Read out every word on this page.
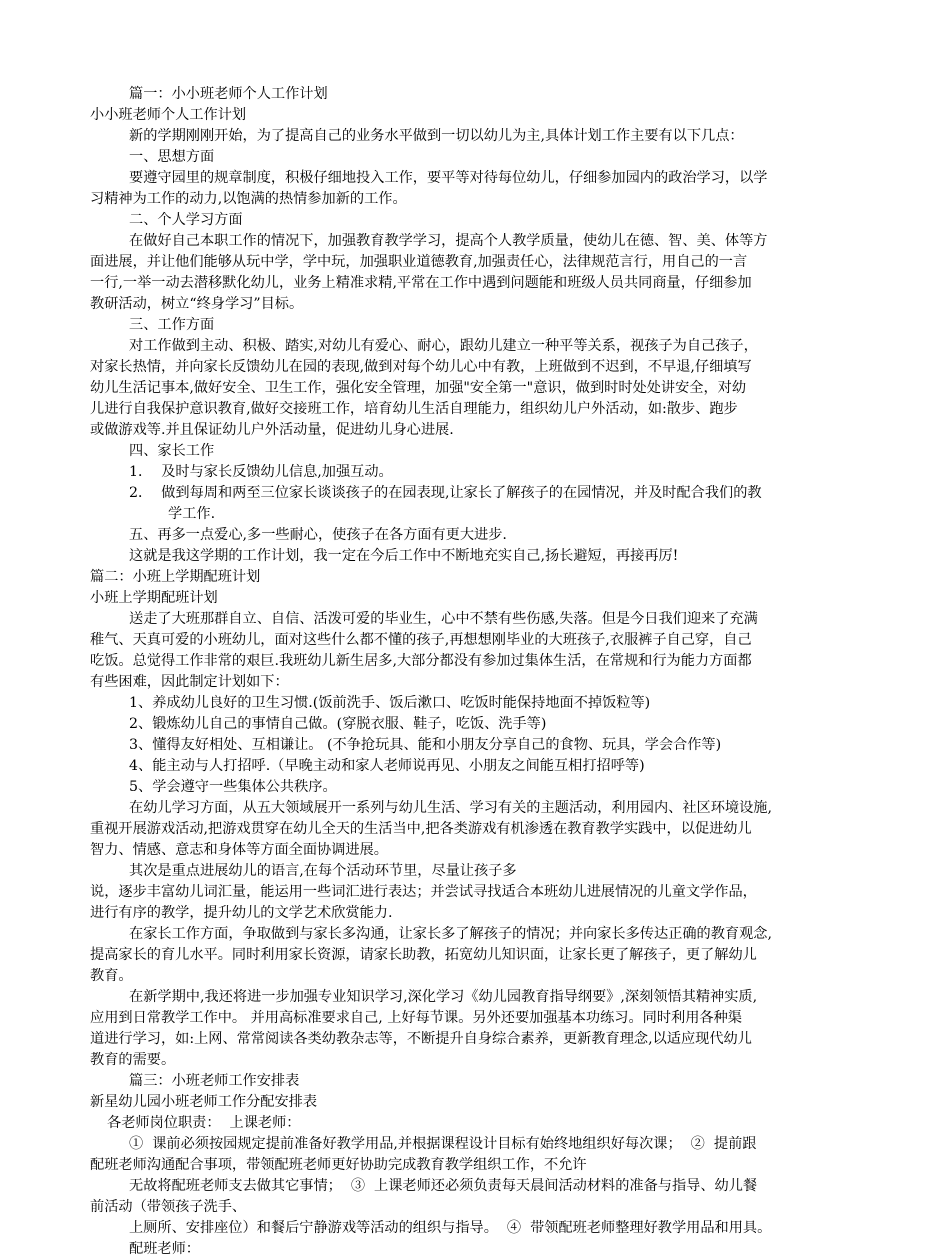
篇一：小小班老师个人工作计划

小小班老师个人工作计划

新的学期刚刚开始，为了提高自己的业务水平做到一切以幼儿为主,具体计划工作主要有以下几点：

一、思想方面

要遵守园里的规章制度，积极仔细地投入工作，要平等对待每位幼儿，仔细参加园内的政治学习，以学

习精神为工作的动力,以饱满的热情参加新的工作。

二、个人学习方面

在做好自己本职工作的情况下，加强教育教学学习，提高个人教学质量，使幼儿在德、智、美、体等方

面进展，并让他们能够从玩中学，学中玩，加强职业道德教育,加强责任心，法律规范言行，用自己的一言

一行,一举一动去潜移默化幼儿，业务上精准求精,平常在工作中遇到问题能和班级人员共同商量，仔细参加

教研活动，树立“终身学习”目标。

三、工作方面

对工作做到主动、积极、踏实,对幼儿有爱心、耐心，跟幼儿建立一种平等关系，视孩子为自己孩子，

对家长热情，并向家长反馈幼儿在园的表现,做到对每个幼儿心中有教，上班做到不迟到，不早退,仔细填写

幼儿生活记事本,做好安全、卫生工作，强化安全管理，加强"安全第一"意识，做到时时处处讲安全，对幼

儿进行自我保护意识教育,做好交接班工作，培育幼儿生活自理能力，组织幼儿户外活动，如:散步、跑步

或做游戏等.并且保证幼儿户外活动量，促进幼儿身心进展.

四、家长工作

1．  及时与家长反馈幼儿信息,加强互动。

2．  做到每周和两至三位家长谈谈孩子的在园表现,让家长了解孩子的在园情况，并及时配合我们的教

学工作.

五、再多一点爱心,多一些耐心，使孩子在各方面有更大进步.

这就是我这学期的工作计划，我一定在今后工作中不断地充实自己,扬长避短，再接再厉!

篇二：小班上学期配班计划

小班上学期配班计划

送走了大班那群自立、自信、活泼可爱的毕业生，心中不禁有些伤感,失落。但是今日我们迎来了充满

稚气、天真可爱的小班幼儿，面对这些什么都不懂的孩子,再想想刚毕业的大班孩子,衣服裤子自己穿，自己

吃饭。总觉得工作非常的艰巨.我班幼儿新生居多,大部分都没有参加过集体生活，在常规和行为能力方面都

有些困难，因此制定计划如下：

1、养成幼儿良好的卫生习惯.(饭前洗手、饭后漱口、吃饭时能保持地面不掉饭粒等)

2、锻炼幼儿自己的事情自己做。(穿脱衣服、鞋子，吃饭、洗手等)

3、懂得友好相处、互相谦让。 (不争抢玩具、能和小朋友分享自己的食物、玩具，学会合作等)

4、能主动与人打招呼.（早晚主动和家人老师说再见、小朋友之间能互相打招呼等)

5、学会遵守一些集体公共秩序。

在幼儿学习方面，从五大领域展开一系列与幼儿生活、学习有关的主题活动，利用园内、社区环境设施,

重视开展游戏活动,把游戏贯穿在幼儿全天的生活当中,把各类游戏有机渗透在教育教学实践中，以促进幼儿

智力、情感、意志和身体等方面全面协调进展。

其次是重点进展幼儿的语言,在每个活动环节里，尽量让孩子多

说，逐步丰富幼儿词汇量，能运用一些词汇进行表达；并尝试寻找适合本班幼儿进展情况的儿童文学作品，

进行有序的教学，提升幼儿的文学艺术欣赏能力.

在家长工作方面，争取做到与家长多沟通，让家长多了解孩子的情况；并向家长多传达正确的教育观念,

提高家长的育儿水平。同时利用家长资源，请家长助教，拓宽幼儿知识面，让家长更了解孩子，更了解幼儿

教育。

在新学期中,我还将进一步加强专业知识学习,深化学习《幼儿园教育指导纲要》,深刻领悟其精神实质,

应用到日常教学工作中。 并用高标准要求自己, 上好每节课。另外还要加强基本功练习。同时利用各种渠

道进行学习，如:上网、常常阅读各类幼教杂志等，不断提升自身综合素养，更新教育理念,以适应现代幼儿

教育的需要。

篇三：小班老师工作安排表

新星幼儿园小班老师工作分配安排表

各老师岗位职责：  上课老师：

①  课前必须按园规定提前准备好教学用品,并根据课程设计目标有始终地组织好每次课；  ②  提前跟

配班老师沟通配合事项，带领配班老师更好协助完成教育教学组织工作，不允许

无故将配班老师支去做其它事情；  ③  上课老师还必须负责每天晨间活动材料的准备与指导、幼儿餐

前活动（带领孩子洗手、

上厕所、安排座位）和餐后宁静游戏等活动的组织与指导。  ④  带领配班老师整理好教学用品和用具。

配班老师：
